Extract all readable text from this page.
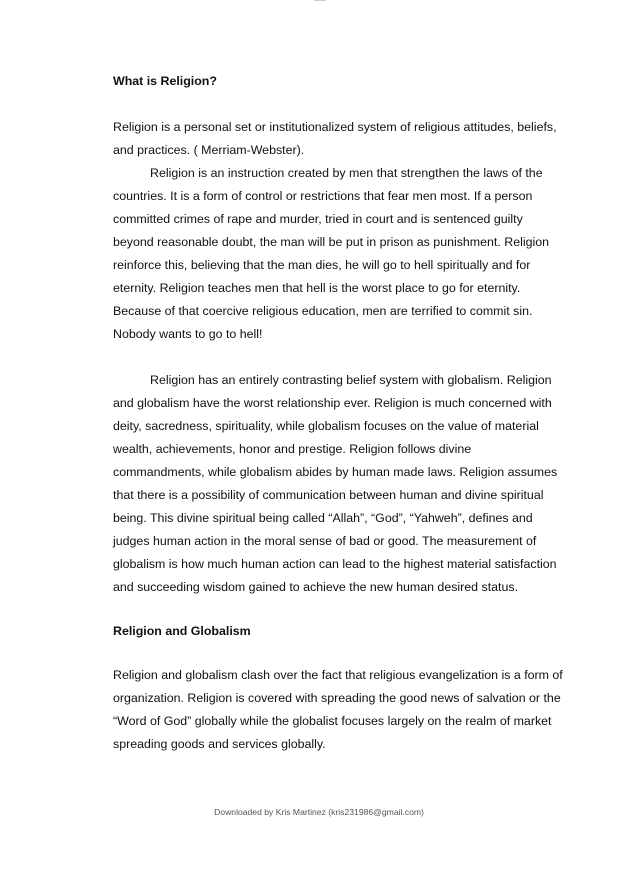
What is Religion?

Religion is a personal set or institutionalized system of religious attitudes, beliefs, and practices. ( Merriam-Webster).

Religion is an instruction created by men that strengthen the laws of the countries. It is a form of control or restrictions that fear men most. If a person committed crimes of rape and murder, tried in court and is sentenced guilty beyond reasonable doubt, the man will be put in prison as punishment. Religion reinforce this, believing that the man dies, he will go to hell spiritually and for eternity. Religion teaches men that hell is the worst place to go for eternity. Because of that coercive religious education, men are terrified to commit sin. Nobody wants to go to hell!

Religion has an entirely contrasting belief system with globalism. Religion and globalism have the worst relationship ever. Religion is much concerned with deity, sacredness, spirituality, while globalism focuses on the value of material wealth, achievements, honor and prestige. Religion follows divine commandments, while globalism abides by human made laws. Religion assumes that there is a possibility of communication between human and divine spiritual being. This divine spiritual being called “Allah”, “God”, “Yahweh”, defines and judges human action in the moral sense of bad or good. The measurement of globalism is how much human action can lead to the highest material satisfaction and succeeding wisdom gained to achieve the new human desired status.

Religion and Globalism

Religion and globalism clash over the fact that religious evangelization is a form of organization. Religion is covered with spreading the good news of salvation or the “Word of God” globally while the globalist focuses largely on the realm of market spreading goods and services globally.

Downloaded by Kris Martinez (kris231986@gmail.com)
